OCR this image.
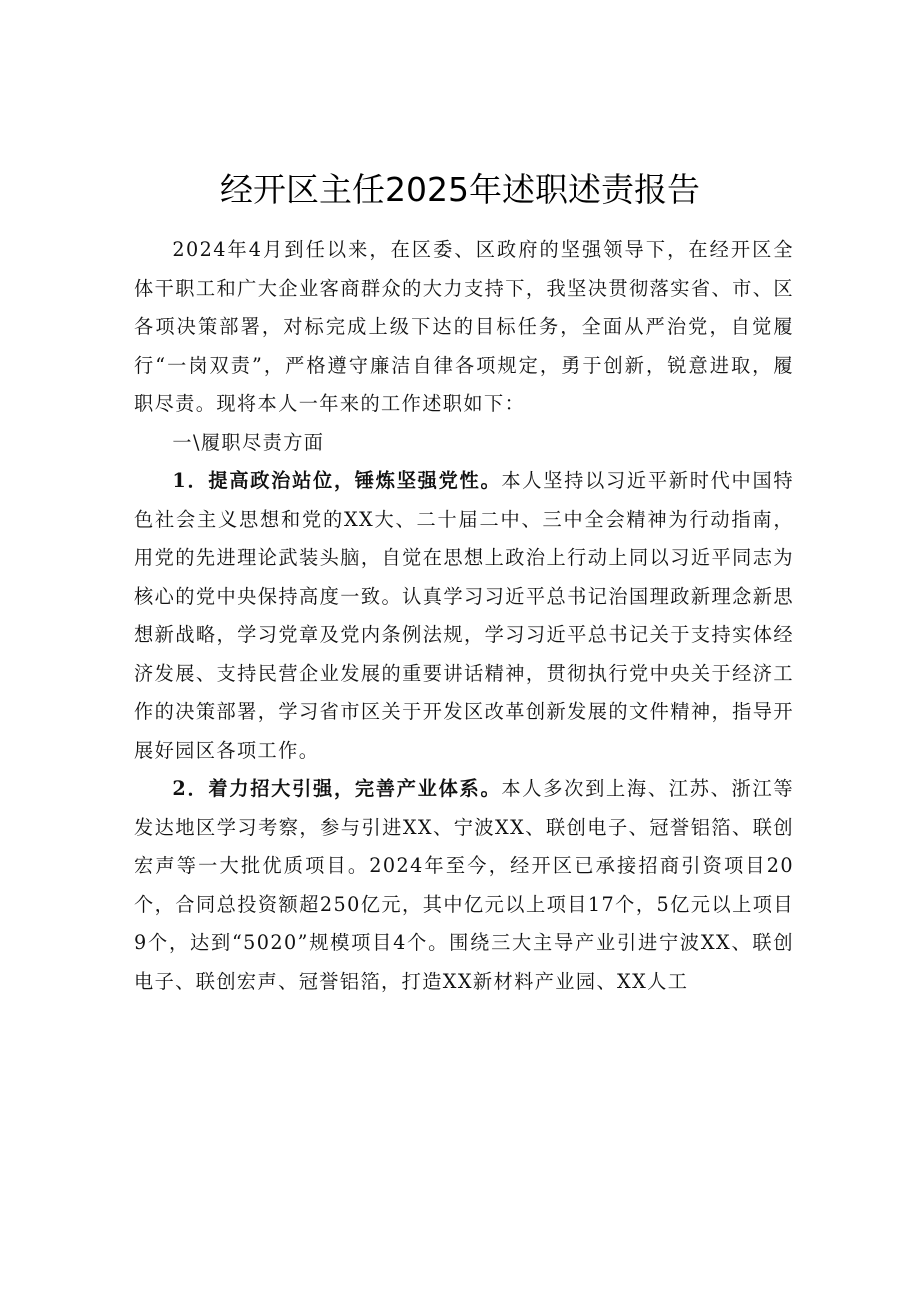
经开区主任2025年述职述责报告

2024年4月到任以来，在区委、区政府的坚强领导下，在经开区全体干职工和广大企业客商群众的大力支持下，我坚决贯彻落实省、市、区各项决策部署，对标完成上级下达的目标任务，全面从严治党，自觉履行“一岗双责”，严格遵守廉洁自律各项规定，勇于创新，锐意进取，履职尽责。现将本人一年来的工作述职如下：

一\履职尽责方面

1．提高政治站位，锤炼坚强党性。本人坚持以习近平新时代中国特色社会主义思想和党的XX大、二十届二中、三中全会精神为行动指南，用党的先进理论武装头脑，自觉在思想上政治上行动上同以习近平同志为核心的党中央保持高度一致。认真学习习近平总书记治国理政新理念新思想新战略，学习党章及党内条例法规，学习习近平总书记关于支持实体经济发展、支持民营企业发展的重要讲话精神，贯彻执行党中央关于经济工作的决策部署，学习省市区关于开发区改革创新发展的文件精神，指导开展好园区各项工作。

2．着力招大引强，完善产业体系。本人多次到上海、江苏、浙江等发达地区学习考察，参与引进XX、宁波XX、联创电子、冠誉铝箔、联创宏声等一大批优质项目。2024年至今，经开区已承接招商引资项目20个，合同总投资额超250亿元，其中亿元以上项目17个，5亿元以上项目9个，达到“5020”规模项目4个。围绕三大主导产业引进宁波XX、联创电子、联创宏声、冠誉铝箔，打造XX新材料产业园、XX人工
